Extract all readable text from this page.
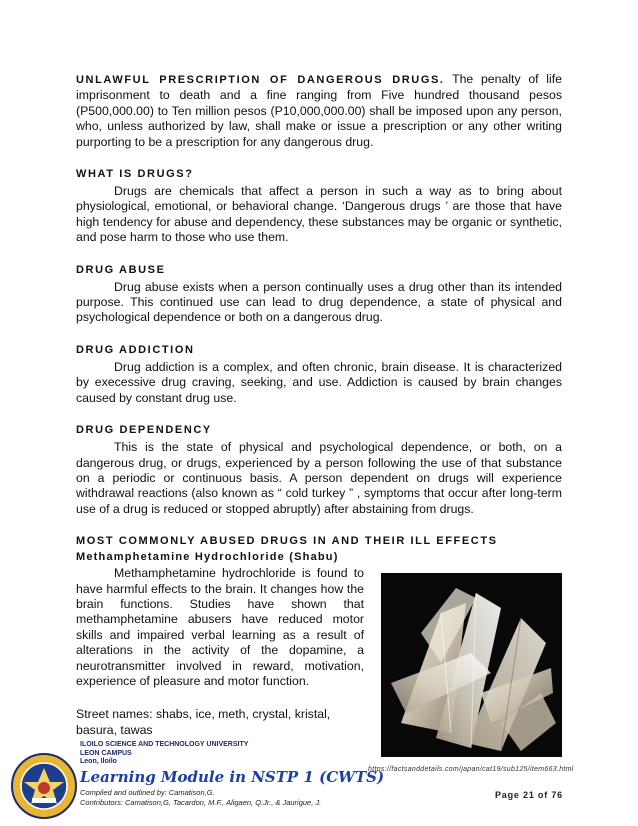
UNLAWFUL PRESCRIPTION OF DANGEROUS DRUGS. The penalty of life imprisonment to death and a fine ranging from Five hundred thousand pesos (P500,000.00) to Ten million pesos (P10,000,000.00) shall be imposed upon any person, who, unless authorized by law, shall make or issue a prescription or any other writing purporting to be a prescription for any dangerous drug.

WHAT IS DRUGS?

Drugs are chemicals that affect a person in such a way as to bring about physiological, emotional, or behavioral change. ‘Dangerous drugs ’ are those that have high tendency for abuse and dependency, these substances may be organic or synthetic, and pose harm to those who use them.

DRUG ABUSE

Drug abuse exists when a person continually uses a drug other than its intended purpose. This continued use can lead to drug dependence, a state of physical and psychological dependence or both on a dangerous drug.

DRUG ADDICTION

Drug addiction is a complex, and often chronic, brain disease. It is characterized by execessive drug craving, seeking, and use. Addiction is caused by brain changes caused by constant drug use.

DRUG DEPENDENCY

This is the state of physical and psychological dependence, or both, on a dangerous drug, or drugs, experienced by a person following the use of that substance on a periodic or continuous basis. A person dependent on drugs will experience withdrawal reactions (also known as “ cold turkey ” , symptoms that occur after long-term use of a drug is reduced or stopped abruptly) after abstaining from drugs.

MOST COMMONLY ABUSED DRUGS IN AND THEIR ILL EFFECTS

Methamphetamine Hydrochloride (Shabu)

Methamphetamine hydrochloride is found to have harmful effects to the brain. It changes how the brain functions. Studies have shown that methamphetamine abusers have reduced motor skills and impaired verbal learning as a result of alterations in the activity of the dopamine, a neurotransmitter involved in reward, motivation, experience of pleasure and motor function.

Street names: shabs, ice, meth, crystal, kristal, basura, tawas

https://factsanddetails.com/japan/cat19/sub125/item663.html
ILOILO SCIENCE AND TECHNOLOGY UNIVERSITY
LEON CAMPUS
Leon, Iloilo
Learning Module in NSTP 1 (CWTS)
Compiled and outlined by: Camatison,G.
Contributors: Camatison,G, Tacardon, M.F., Aligaen, Q.Jr., & Jaurigue, J.
Page 21 of 76
